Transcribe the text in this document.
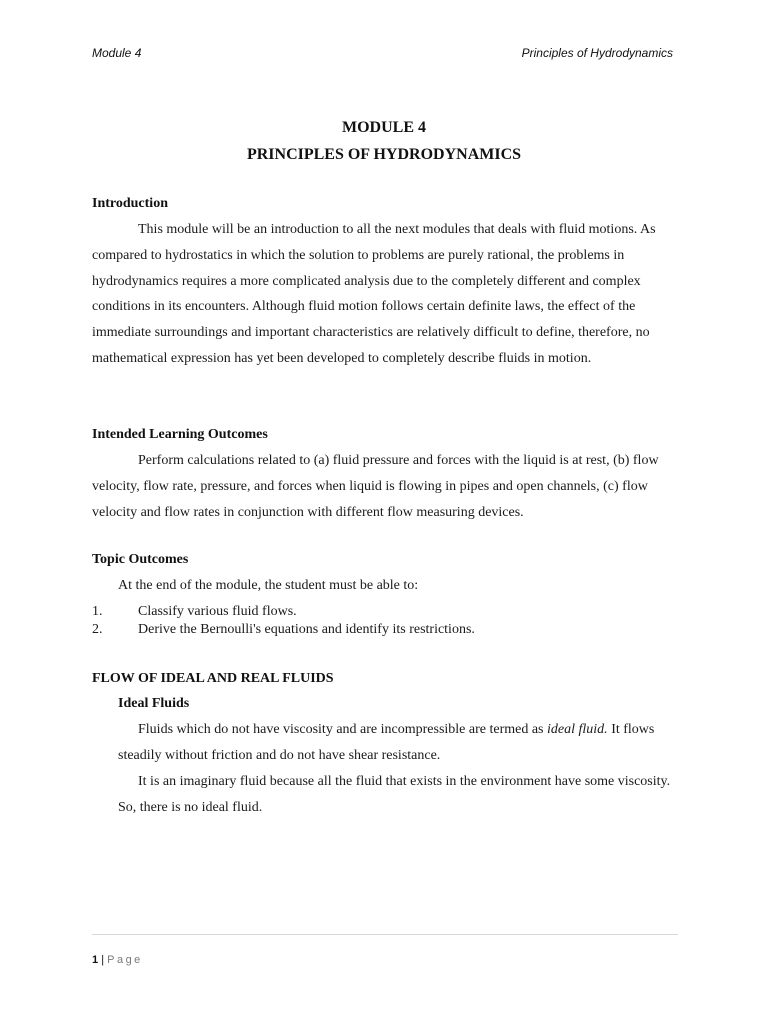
Module 4	Principles of Hydrodynamics
MODULE 4
PRINCIPLES OF HYDRODYNAMICS
Introduction
This module will be an introduction to all the next modules that deals with fluid motions. As compared to hydrostatics in which the solution to problems are purely rational, the problems in hydrodynamics requires a more complicated analysis due to the completely different and complex conditions in its encounters. Although fluid motion follows certain definite laws, the effect of the immediate surroundings and important characteristics are relatively difficult to define, therefore, no mathematical expression has yet been developed to completely describe fluids in motion.
Intended Learning Outcomes
Perform calculations related to (a) fluid pressure and forces with the liquid is at rest, (b) flow velocity, flow rate, pressure, and forces when liquid is flowing in pipes and open channels, (c) flow velocity and flow rates in conjunction with different flow measuring devices.
Topic Outcomes
At the end of the module, the student must be able to:
1.	Classify various fluid flows.
2.	Derive the Bernoulli's equations and identify its restrictions.
FLOW OF IDEAL AND REAL FLUIDS
Ideal Fluids
Fluids which do not have viscosity and are incompressible are termed as ideal fluid. It flows steadily without friction and do not have shear resistance.
It is an imaginary fluid because all the fluid that exists in the environment have some viscosity. So, there is no ideal fluid.
1 | Page
